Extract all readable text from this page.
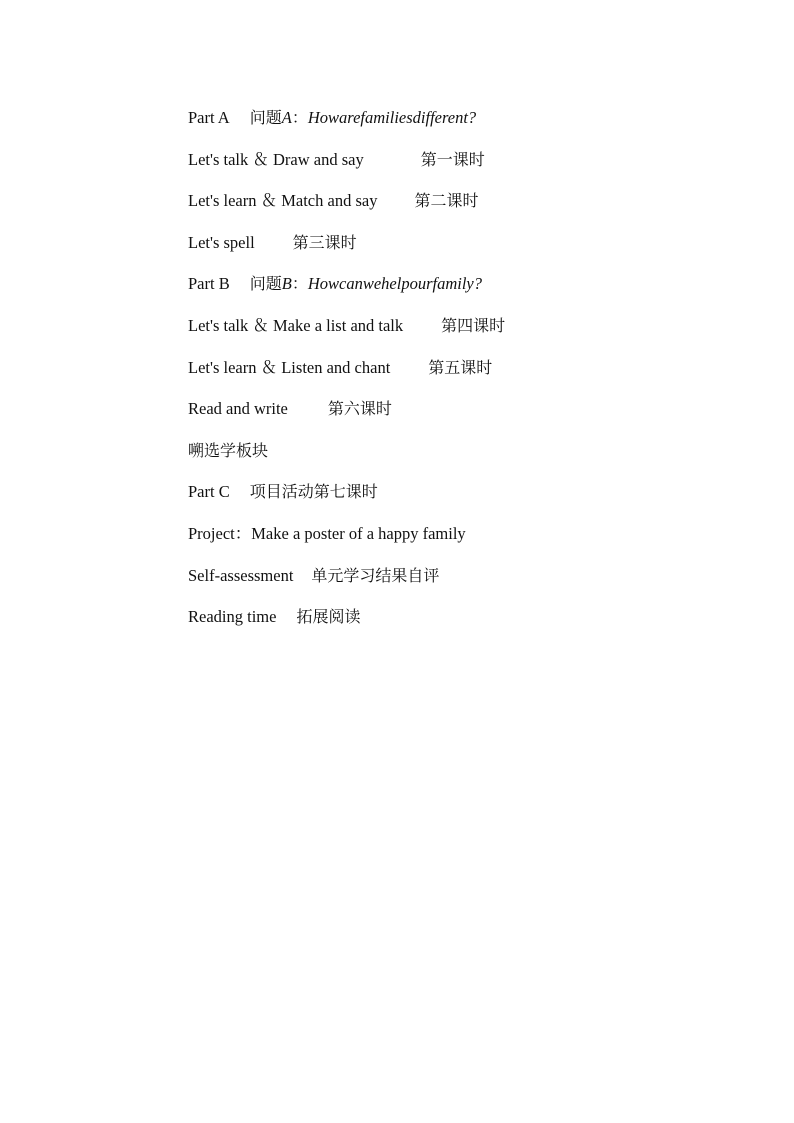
Part A 问题A：Howarefamiliesdifferent?
Let's talk ＆ Draw and say	第一课时
Let's learn ＆ Match and say 第二课时
Let's spell 第三课时
Part B 问题B：Howcanwehelpourfamily?
Let's talk ＆ Make a list and talk 第四课时
Let's learn ＆ Listen and chant 第五课时
Read and write	第六课时
嗍选学板块
Part C 项目活动第七课时
Project：Make a poster of a happy family
Self-assessment 单元学习结果自评
Reading time 拓展阅读
